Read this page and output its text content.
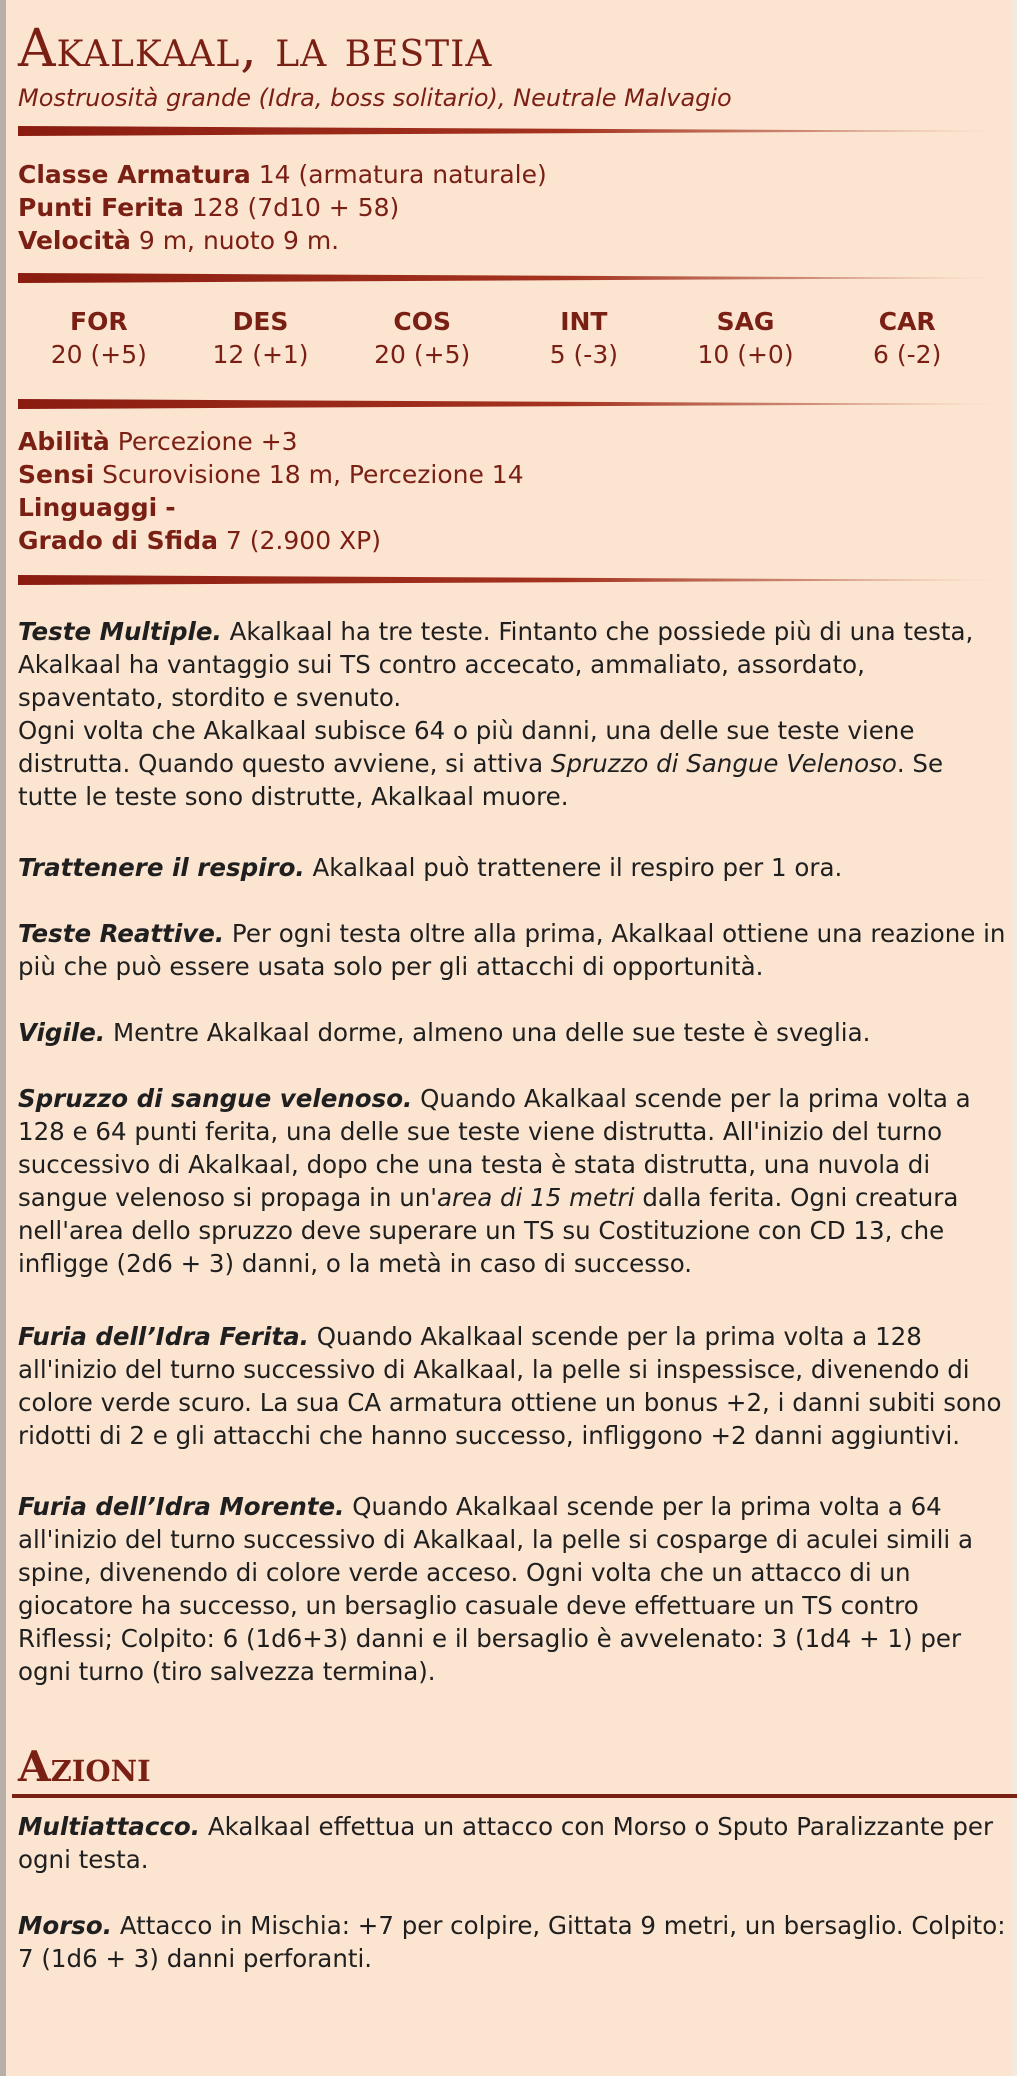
Akalkaal, la bestia

Mostruosità grande (Idra, boss solitario), Neutrale Malvagio

Classe Armatura 14 (armatura naturale)

Punti Ferita 128 (7d10 + 58)

Velocità 9 m, nuoto 9 m.

FOR
20 (+5)
DES
12 (+1)
COS
20 (+5)
INT
5 (-3)
SAG
10 (+0)
CAR
6 (-2)

Abilità Percezione +3

Sensi Scurovisione 18 m, Percezione 14

Linguaggi -

Grado di Sfida 7 (2.900 XP)

Teste Multiple. Akalkaal ha tre teste. Fintanto che possiede più di una testa, Akalkaal ha vantaggio sui TS contro accecato, ammaliato, assordato, spaventato, stordito e svenuto.
Ogni volta che Akalkaal subisce 64 o più danni, una delle sue teste viene distrutta. Quando questo avviene, si attiva Spruzzo di Sangue Velenoso. Se tutte le teste sono distrutte, Akalkaal muore.

Trattenere il respiro. Akalkaal può trattenere il respiro per 1 ora.

Teste Reattive. Per ogni testa oltre alla prima, Akalkaal ottiene una reazione in più che può essere usata solo per gli attacchi di opportunità.

Vigile. Mentre Akalkaal dorme, almeno una delle sue teste è sveglia.

Spruzzo di sangue velenoso. Quando Akalkaal scende per la prima volta a 128 e 64 punti ferita, una delle sue teste viene distrutta. All'inizio del turno successivo di Akalkaal, dopo che una testa è stata distrutta, una nuvola di sangue velenoso si propaga in un'area di 15 metri dalla ferita. Ogni creatura nell'area dello spruzzo deve superare un TS su Costituzione con CD 13, che infligge (2d6 + 3) danni, o la metà in caso di successo.

Furia dell’Idra Ferita. Quando Akalkaal scende per la prima volta a 128 all'inizio del turno successivo di Akalkaal, la pelle si inspessisce, divenendo di colore verde scuro. La sua CA armatura ottiene un bonus +2, i danni subiti sono ridotti di 2 e gli attacchi che hanno successo, infliggono +2 danni aggiuntivi.

Furia dell’Idra Morente. Quando Akalkaal scende per la prima volta a 64 all'inizio del turno successivo di Akalkaal, la pelle si cosparge di aculei simili a spine, divenendo di colore verde acceso. Ogni volta che un attacco di un giocatore ha successo, un bersaglio casuale deve effettuare un TS contro Riflessi; Colpito: 6 (1d6+3) danni e il bersaglio è avvelenato: 3 (1d4 + 1) per ogni turno (tiro salvezza termina).

Azioni

Multiattacco. Akalkaal effettua un attacco con Morso o Sputo Paralizzante per ogni testa.

Morso. Attacco in Mischia: +7 per colpire, Gittata 9 metri, un bersaglio. Colpito: 7 (1d6 + 3) danni perforanti.
